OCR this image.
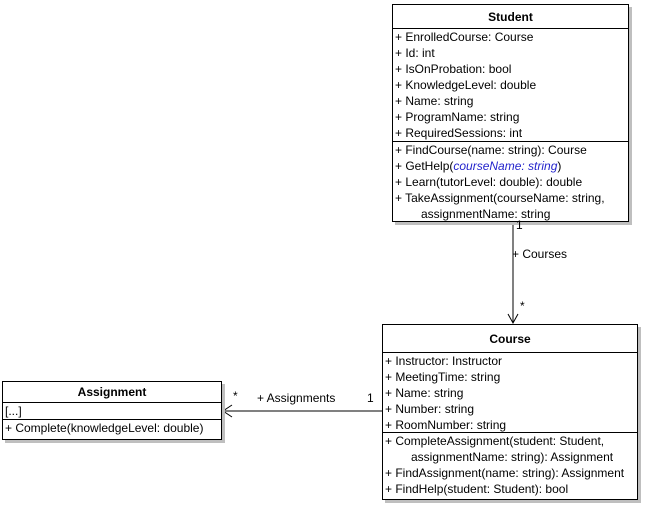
Student
+ EnrolledCourse: Course
+ Id: int
+ IsOnProbation: bool
+ KnowledgeLevel: double
+ Name: string
+ ProgramName: string
+ RequiredSessions: int
+ FindCourse(name: string): Course
+ GetHelp(courseName: string)
+ Learn(tutorLevel: double): double
+ TakeAssignment(courseName: string,
assignmentName: string
Course
+ Instructor: Instructor
+ MeetingTime: string
+ Name: string
+ Number: string
+ RoomNumber: string
+ CompleteAssignment(student: Student,
assignmentName: string): Assignment
+ FindAssignment(name: string): Assignment
+ FindHelp(student: Student): bool
Assignment
[...]
+ Complete(knowledgeLevel: double)
1
+ Courses
*
* + Assignments	1
